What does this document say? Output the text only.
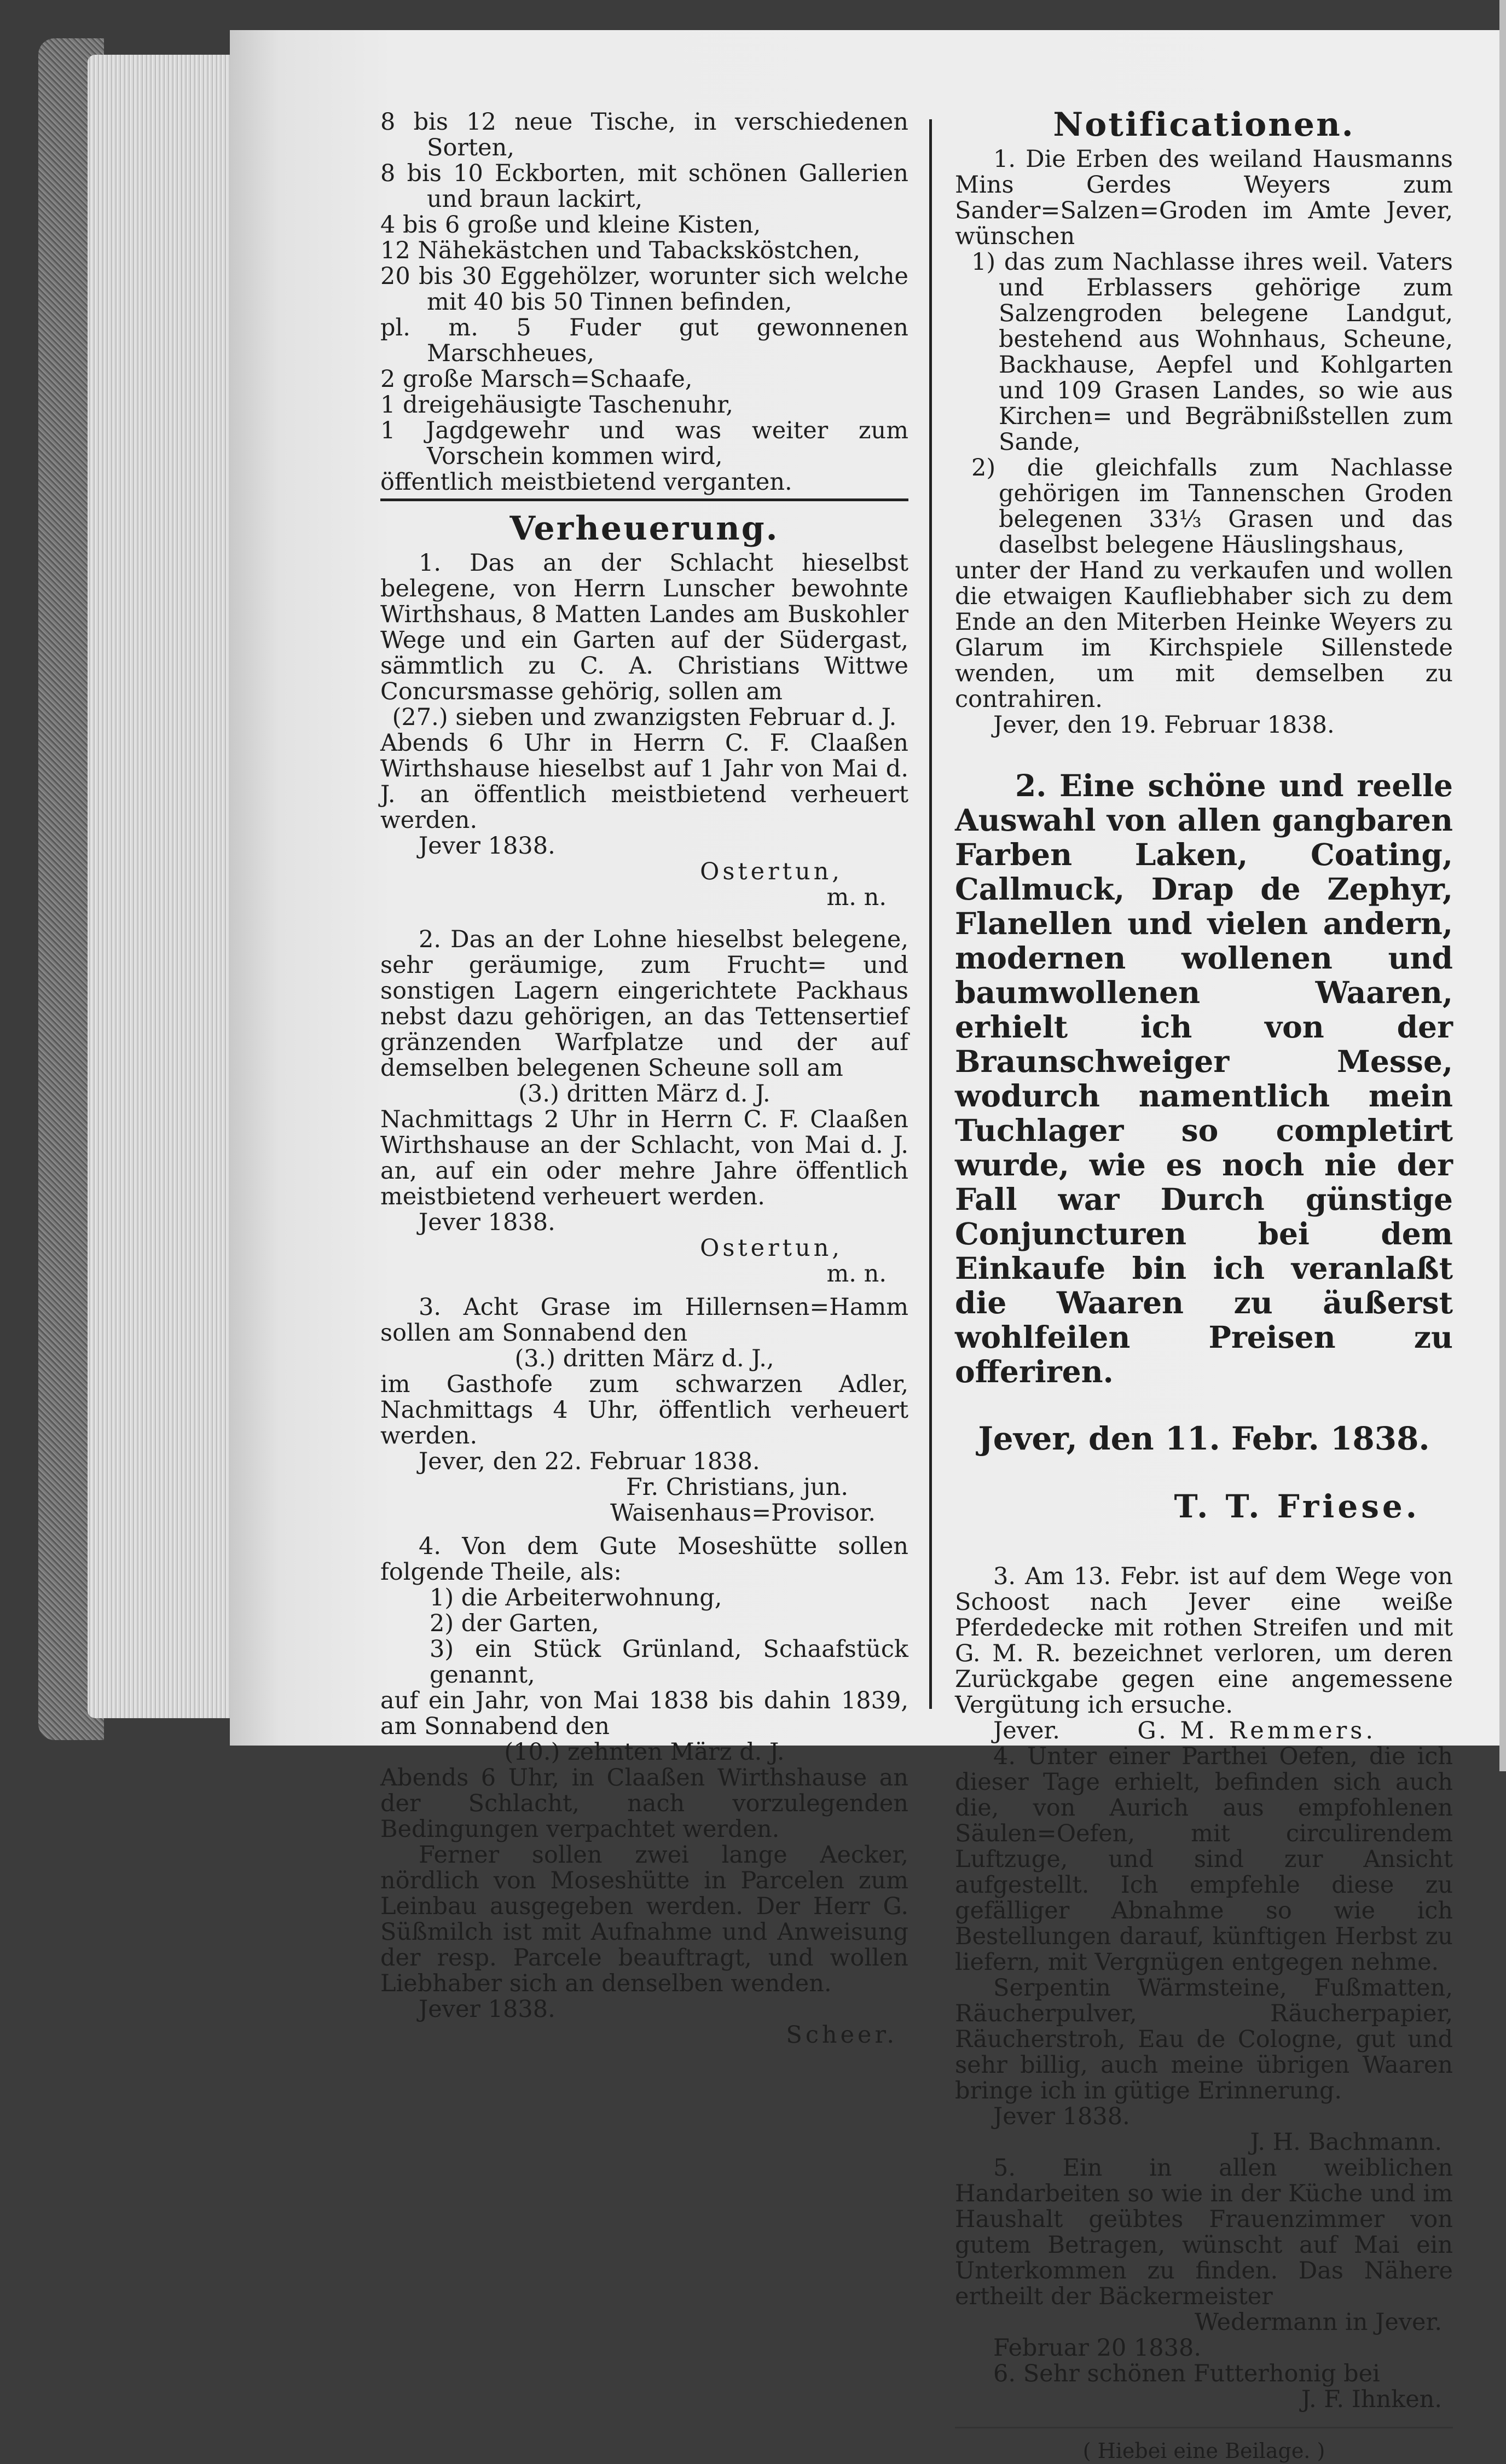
8 bis 12 neue Tische, in verschiedenen Sorten,

8 bis 10 Eckborten, mit schönen Gallerien und braun lackirt,

4 bis 6 große und kleine Kisten,

12 Nähekästchen und Tabacksköstchen,

20 bis 30 Eggehölzer, worunter sich welche mit 40 bis 50 Tinnen befinden,

pl. m. 5 Fuder gut gewonnenen Marschheues,

2 große Marsch=Schaafe,

1 dreigehäusigte Taschenuhr,

1 Jagdgewehr und was weiter zum Vorschein kommen wird,

öffentlich meistbietend verganten.

Verheuerung.

1. Das an der Schlacht hieselbst belegene, von Herrn Lunscher bewohnte Wirthshaus, 8 Matten Landes am Buskohler Wege und ein Garten auf der Südergast, sämmtlich zu C. A. Christians Wittwe Concursmasse gehörig, sollen am

(27.) sieben und zwanzigsten Februar d. J.

Abends 6 Uhr in Herrn C. F. Claaßen Wirthshause hieselbst auf 1 Jahr von Mai d. J. an öffentlich meistbietend verheuert werden.

Jever 1838.

Ostertun,

m. n.

2. Das an der Lohne hieselbst belegene, sehr geräumige, zum Frucht= und sonstigen Lagern eingerichtete Packhaus nebst dazu gehörigen, an das Tettensertief gränzenden Warfplatze und der auf demselben belegenen Scheune soll am

(3.) dritten März d. J.

Nachmittags 2 Uhr in Herrn C. F. Claaßen Wirthshause an der Schlacht, von Mai d. J. an, auf ein oder mehre Jahre öffentlich meistbietend verheuert werden.

Jever 1838.

Ostertun,

m. n.

3. Acht Grase im Hillernsen=Hamm sollen am Sonnabend den

(3.) dritten März d. J.,

im Gasthofe zum schwarzen Adler, Nachmittags 4 Uhr, öffentlich verheuert werden.

Jever, den 22. Februar 1838.

Fr. Christians, jun.

Waisenhaus=Provisor.

4. Von dem Gute Moseshütte sollen folgende Theile, als:

1) die Arbeiterwohnung,

2) der Garten,

3) ein Stück Grünland, Schaafstück genannt,

auf ein Jahr, von Mai 1838 bis dahin 1839, am Sonnabend den

(10.) zehnten März d. J.

Abends 6 Uhr, in Claaßen Wirthshause an der Schlacht, nach vorzulegenden Bedingungen verpachtet werden.

Ferner sollen zwei lange Aecker, nördlich von Moseshütte in Parcelen zum Leinbau ausgegeben werden. Der Herr G. Süßmilch ist mit Aufnahme und Anweisung der resp. Parcele beauftragt, und wollen Liebhaber sich an denselben wenden.

Jever 1838.

Scheer.

Notificationen.

1. Die Erben des weiland Hausmanns Mins Gerdes Weyers zum Sander=Salzen=Groden im Amte Jever, wünschen

1) das zum Nachlasse ihres weil. Vaters und Erblassers gehörige zum Salzengroden belegene Landgut, bestehend aus Wohnhaus, Scheune, Backhause, Aepfel und Kohlgarten und 109 Grasen Landes, so wie aus Kirchen= und Begräbnißstellen zum Sande,

2) die gleichfalls zum Nachlasse gehörigen im Tannenschen Groden belegenen 33⅓ Grasen und das daselbst belegene Häuslingshaus,

unter der Hand zu verkaufen und wollen die etwaigen Kaufliebhaber sich zu dem Ende an den Miterben Heinke Weyers zu Glarum im Kirchspiele Sillenstede wenden, um mit demselben zu contrahiren.

Jever, den 19. Februar 1838.

2. Eine schöne und reelle Auswahl von allen gangbaren Farben Laken, Coating, Callmuck, Drap de Zephyr, Flanellen und vielen andern, modernen wollenen und baumwollenen Waaren, erhielt ich von der Braunschweiger Messe, wodurch namentlich mein Tuchlager so completirt wurde, wie es noch nie der Fall war Durch günstige Conjuncturen bei dem Einkaufe bin ich veranlaßt die Waaren zu äußerst wohlfeilen Preisen zu offeriren.

Jever, den 11. Febr. 1838.

T. T. Friese.

3. Am 13. Febr. ist auf dem Wege von Schoost nach Jever eine weiße Pferdedecke mit rothen Streifen und mit G. M. R. bezeichnet verloren, um deren Zurückgabe gegen eine angemessene Vergütung ich ersuche.

Jever.	G. M. Remmers.

4. Unter einer Parthei Oefen, die ich dieser Tage erhielt, befinden sich auch die, von Aurich aus empfohlenen Säulen=Oefen, mit circulirendem Luftzuge, und sind zur Ansicht aufgestellt. Ich empfehle diese zu gefälliger Abnahme so wie ich Bestellungen darauf, künftigen Herbst zu liefern, mit Vergnügen entgegen nehme.

Serpentin Wärmsteine, Fußmatten, Räucherpulver, Räucherpapier, Räucherstroh, Eau de Cologne, gut und sehr billig, auch meine übrigen Waaren bringe ich in gütige Erinnerung.

Jever 1838.

J. H. Bachmann.

5. Ein in allen weiblichen Handarbeiten so wie in der Küche und im Haushalt geübtes Frauenzimmer von gutem Betragen, wünscht auf Mai ein Unterkommen zu finden. Das Nähere ertheilt der Bäckermeister

Wedermann in Jever.

Februar 20 1838.

6. Sehr schönen Futterhonig bei

J. F. Ihnken.

( Hiebei eine Beilage. )
